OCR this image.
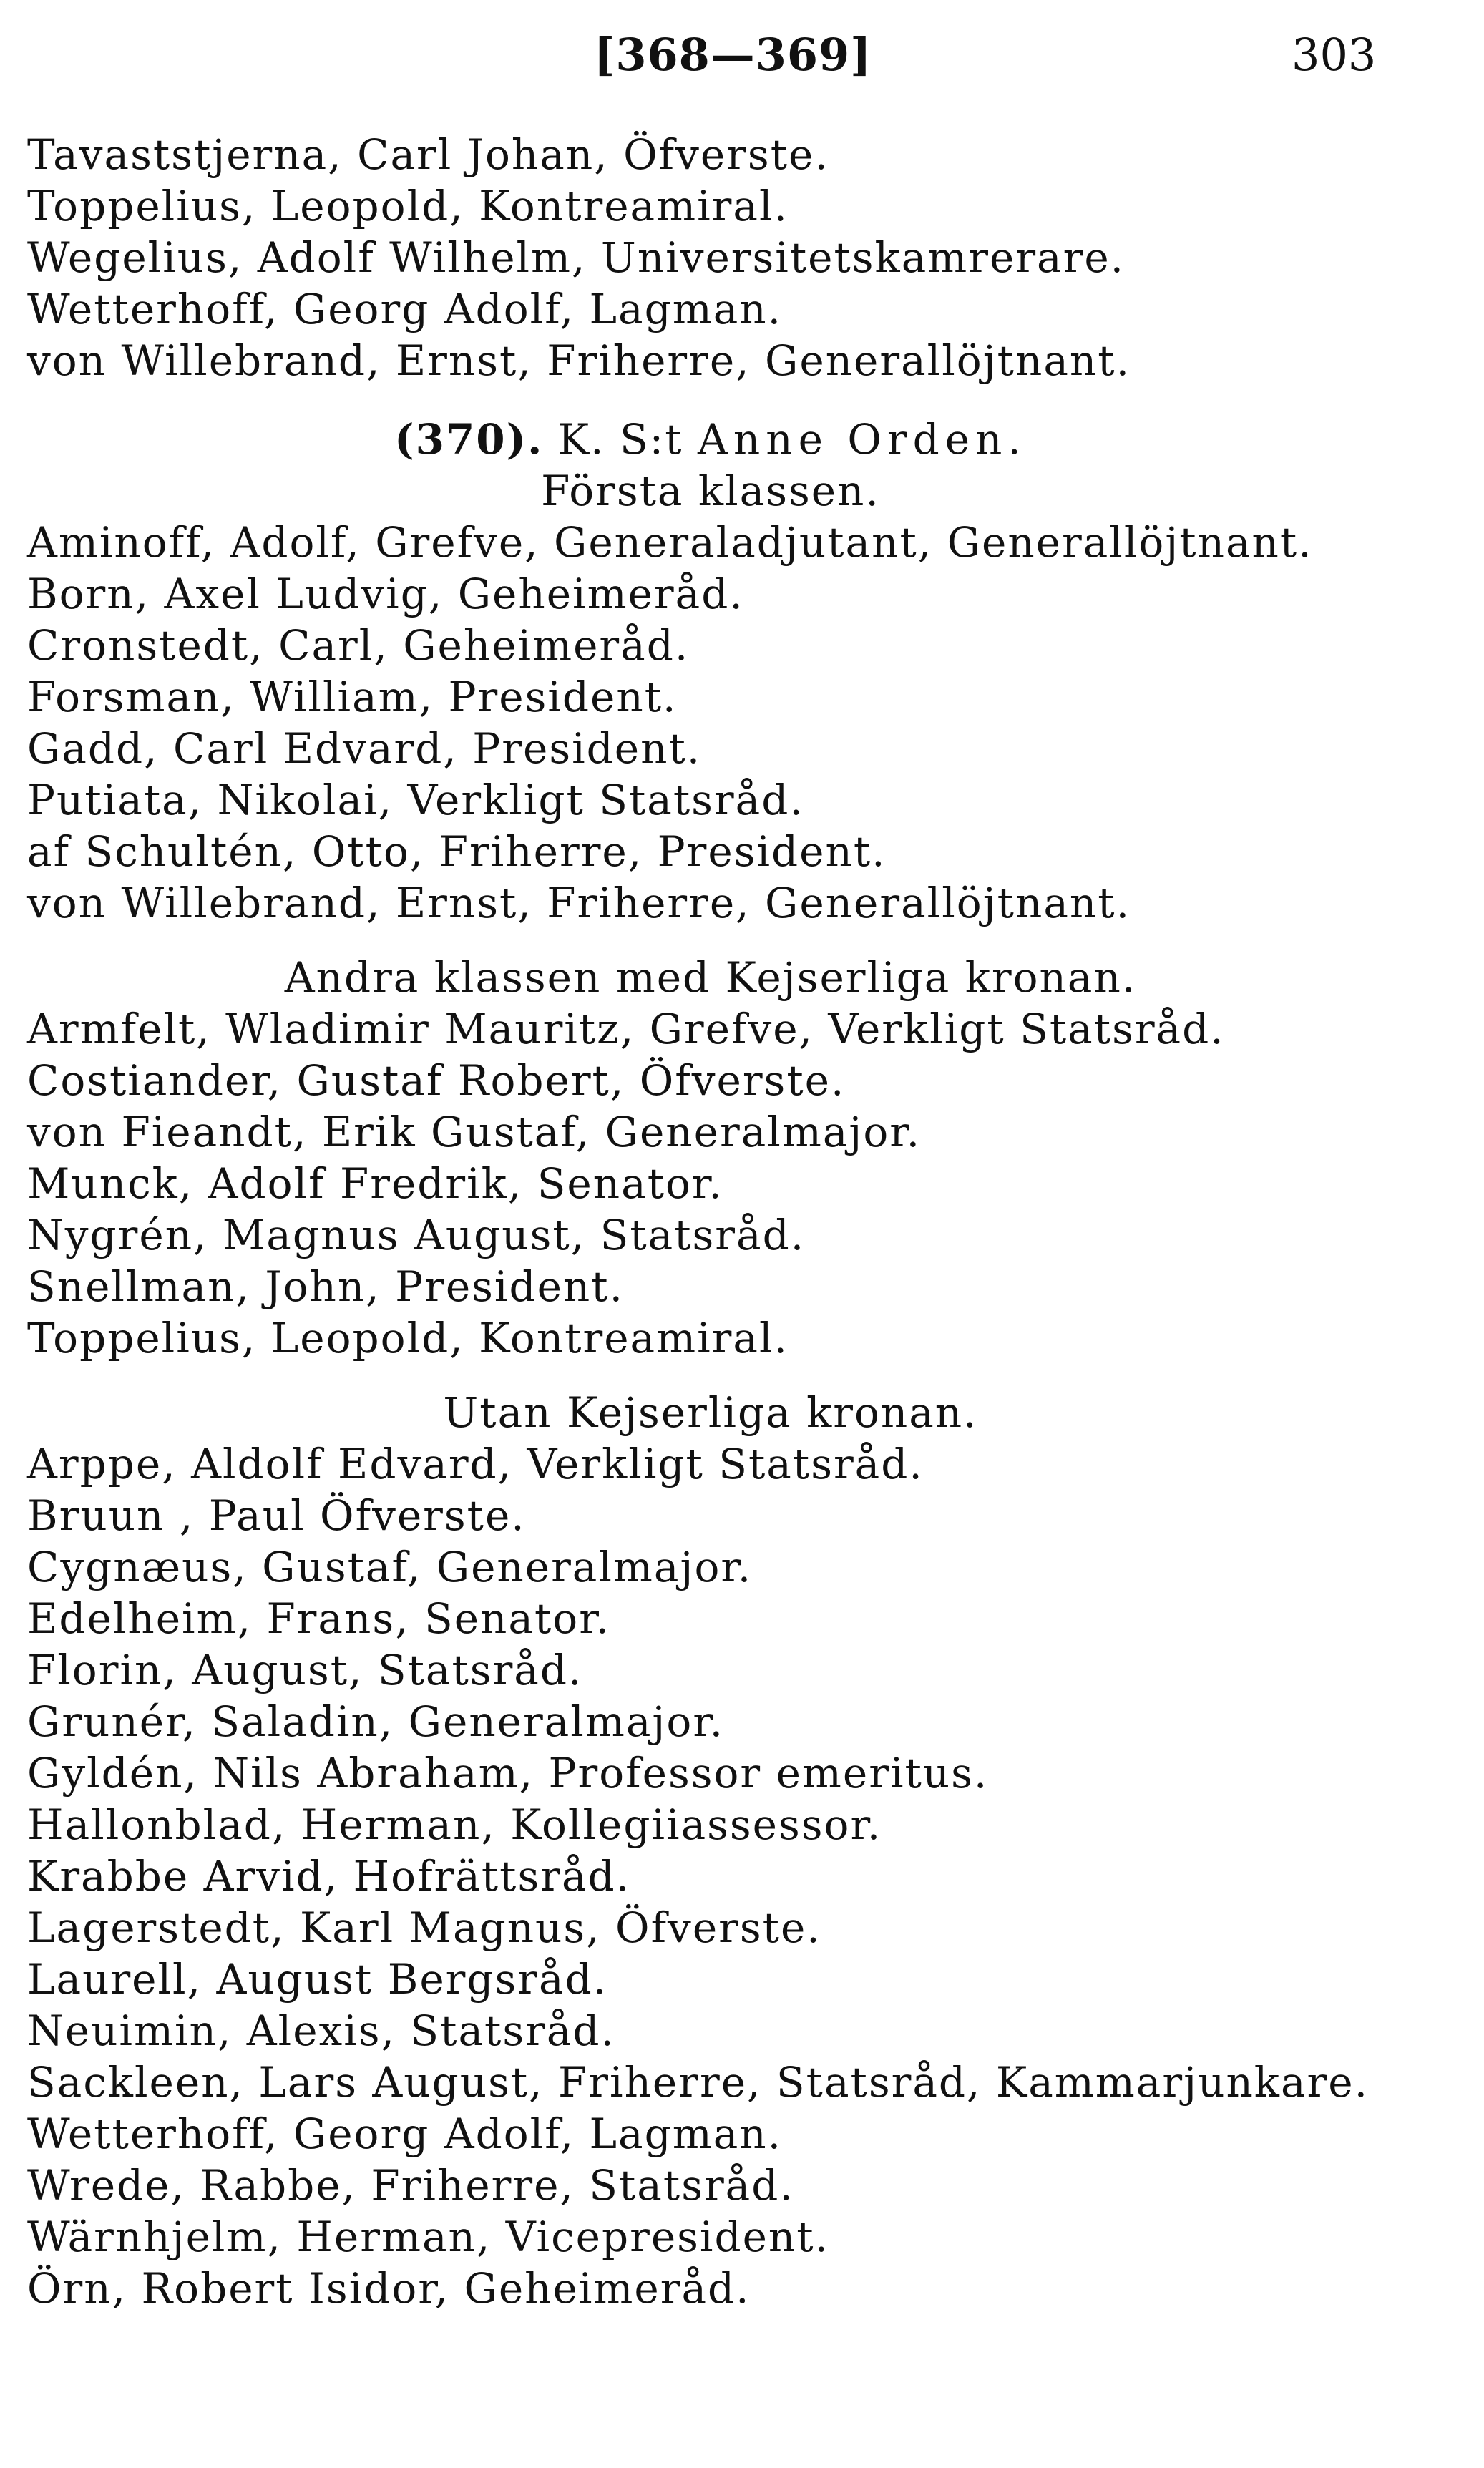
[368—369]	303
Tavaststjerna, Carl Johan, Öfverste.
Toppelius, Leopold, Kontreamiral.
Wegelius, Adolf Wilhelm, Universitetskamrerare.
Wetterhoff, Georg Adolf, Lagman.
von Willebrand, Ernst, Friherre, Generallöjtnant.
(370). K. S:t Anne Orden.
Första klassen.
Aminoff, Adolf, Grefve, Generaladjutant, Generallöjtnant.
Born, Axel Ludvig, Geheimeråd.
Cronstedt, Carl, Geheimeråd.
Forsman, William, President.
Gadd, Carl Edvard, President.
Putiata, Nikolai, Verkligt Statsråd.
af Schultén, Otto, Friherre, President.
von Willebrand, Ernst, Friherre, Generallöjtnant.
Andra klassen med Kejserliga kronan.
Armfelt, Wladimir Mauritz, Grefve, Verkligt Statsråd.
Costiander, Gustaf Robert, Öfverste.
von Fieandt, Erik Gustaf, Generalmajor.
Munck, Adolf Fredrik, Senator.
Nygrén, Magnus August, Statsråd.
Snellman, John, President.
Toppelius, Leopold, Kontreamiral.
Utan Kejserliga kronan.
Arppe, Aldolf Edvard, Verkligt Statsråd.
Bruun , Paul Öfverste.
Cygnæus, Gustaf, Generalmajor.
Edelheim, Frans, Senator.
Florin, August, Statsråd.
Grunér, Saladin, Generalmajor.
Gyldén, Nils Abraham, Professor emeritus.
Hallonblad, Herman, Kollegiiassessor.
Krabbe Arvid, Hofrättsråd.
Lagerstedt, Karl Magnus, Öfverste.
Laurell, August Bergsråd.
Neuimin, Alexis, Statsråd.
Sackleen, Lars August, Friherre, Statsråd, Kammarjunkare.
Wetterhoff, Georg Adolf, Lagman.
Wrede, Rabbe, Friherre, Statsråd.
Wärnhjelm, Herman, Vicepresident.
Örn, Robert Isidor, Geheimeråd.
